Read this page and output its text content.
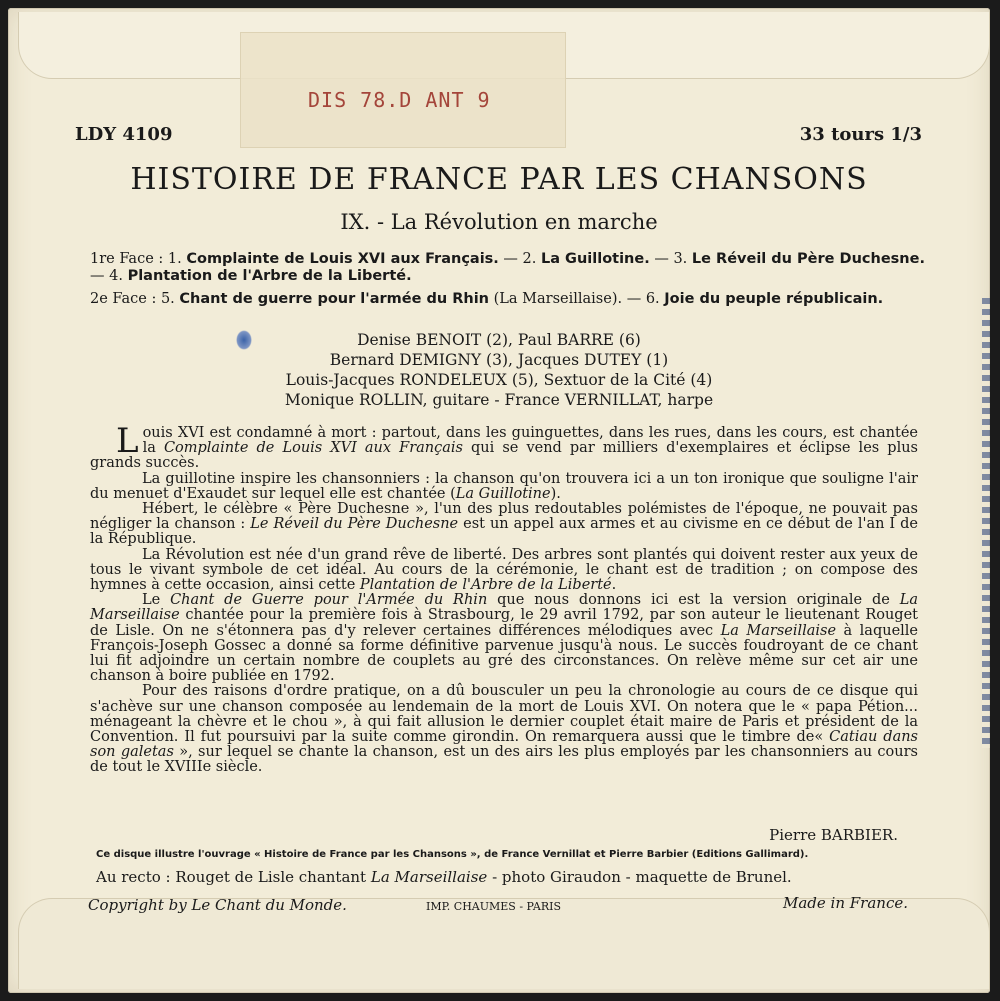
DIS 78.D ANT 9
LDY 4109	33 tours 1/3
HISTOIRE DE FRANCE PAR LES CHANSONS
IX. - La Révolution en marche
1re Face : 1. Complainte de Louis XVI aux Français. — 2. La Guillotine. — 3. Le Réveil du Père Duchesne. — 4. Plantation de l'Arbre de la Liberté.
2e Face : 5. Chant de guerre pour l'armée du Rhin (La Marseillaise). — 6. Joie du peuple républicain.
Denise BENOIT (2), Paul BARRE (6)
Bernard DEMIGNY (3), Jacques DUTEY (1)
Louis-Jacques RONDELEUX (5), Sextuor de la Cité (4)
Monique ROLLIN, guitare - France VERNILLAT, harpe

Louis XVI est condamné à mort : partout, dans les guinguettes, dans les rues, dans les cours, est chantée la Complainte de Louis XVI aux Français qui se vend par milliers d'exemplaires et éclipse les plus grands succès.

La guillotine inspire les chansonniers : la chanson qu'on trouvera ici a un ton ironique que souligne l'air du menuet d'Exaudet sur lequel elle est chantée (La Guillotine).

Hébert, le célèbre « Père Duchesne », l'un des plus redoutables polémistes de l'époque, ne pouvait pas négliger la chanson : Le Réveil du Père Duchesne est un appel aux armes et au civisme en ce début de l'an I de la République.

La Révolution est née d'un grand rêve de liberté. Des arbres sont plantés qui doivent rester aux yeux de tous le vivant symbole de cet idéal. Au cours de la cérémonie, le chant est de tradition ; on compose des hymnes à cette occasion, ainsi cette Plantation de l'Arbre de la Liberté.

Le Chant de Guerre pour l'Armée du Rhin que nous donnons ici est la version originale de La Marseillaise chantée pour la première fois à Strasbourg, le 29 avril 1792, par son auteur le lieutenant Rouget de Lisle. On ne s'étonnera pas d'y relever certaines différences mélodiques avec La Marseillaise à laquelle François-Joseph Gossec a donné sa forme définitive parvenue jusqu'à nous. Le succès foudroyant de ce chant lui fit adjoindre un certain nombre de couplets au gré des circonstances. On relève même sur cet air une chanson à boire publiée en 1792.

Pour des raisons d'ordre pratique, on a dû bousculer un peu la chronologie au cours de ce disque qui s'achève sur une chanson composée au lendemain de la mort de Louis XVI. On notera que le « papa Pétion... ménageant la chèvre et le chou », à qui fait allusion le dernier couplet était maire de Paris et président de la Convention. Il fut poursuivi par la suite comme girondin. On remarquera aussi que le timbre de« Catiau dans son galetas », sur lequel se chante la chanson, est un des airs les plus employés par les chansonniers au cours de tout le XVIIIe siècle.

Pierre BARBIER.
Ce disque illustre l'ouvrage « Histoire de France par les Chansons », de France Vernillat et Pierre Barbier (Editions Gallimard).
Au recto : Rouget de Lisle chantant La Marseillaise - photo Giraudon - maquette de Brunel.
Copyright by Le Chant du Monde.	IMP. CHAUMES - PARIS	Made in France.
